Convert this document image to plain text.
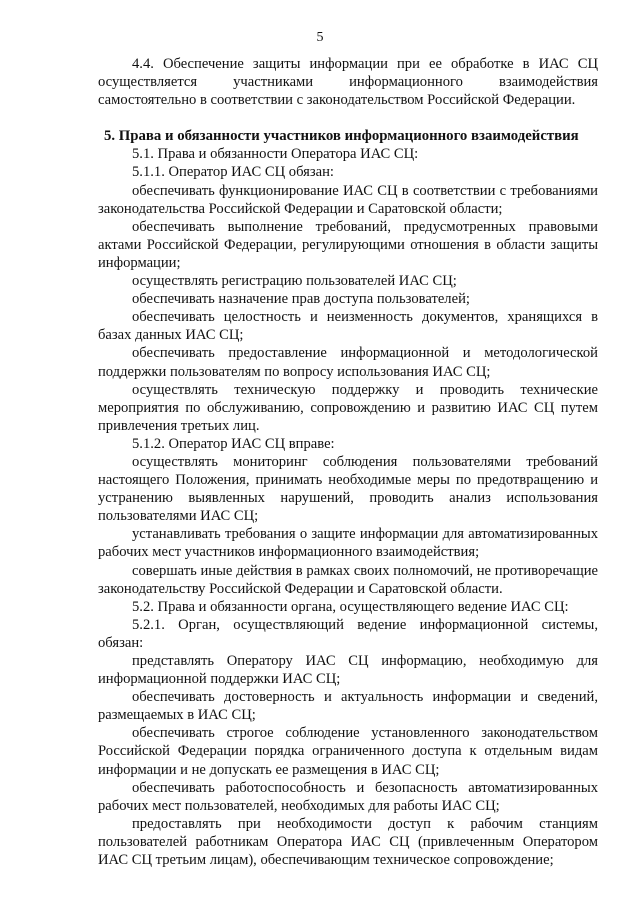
5

4.4. Обеспечение защиты информации при ее обработке в ИАС СЦ осуществляется участниками информационного взаимодействия самостоятельно в соответствии с законодательством Российской Федерации.

5. Права и обязанности участников информационного взаимодействия

5.1. Права и обязанности Оператора ИАС СЦ:

5.1.1. Оператор ИАС СЦ обязан:

обеспечивать функционирование ИАС СЦ в соответствии с требованиями законодательства Российской Федерации и Саратовской области;

обеспечивать выполнение требований, предусмотренных правовыми актами Российской Федерации, регулирующими отношения в области защиты информации;

осуществлять регистрацию пользователей ИАС СЦ;

обеспечивать назначение прав доступа пользователей;

обеспечивать целостность и неизменность документов, хранящихся в базах данных ИАС СЦ;

обеспечивать предоставление информационной и методологической поддержки пользователям по вопросу использования ИАС СЦ;

осуществлять техническую поддержку и проводить технические мероприятия по обслуживанию, сопровождению и развитию ИАС СЦ путем привлечения третьих лиц.

5.1.2. Оператор ИАС СЦ вправе:

осуществлять мониторинг соблюдения пользователями требований настоящего Положения, принимать необходимые меры по предотвращению и устранению выявленных нарушений, проводить анализ использования пользователями ИАС СЦ;

устанавливать требования о защите информации для автоматизированных рабочих мест участников информационного взаимодействия;

совершать иные действия в рамках своих полномочий, не противоречащие законодательству Российской Федерации и Саратовской области.

5.2. Права и обязанности органа, осуществляющего ведение ИАС СЦ:

5.2.1. Орган, осуществляющий ведение информационной системы, обязан:

представлять Оператору ИАС СЦ информацию, необходимую для информационной поддержки ИАС СЦ;

обеспечивать достоверность и актуальность информации и сведений, размещаемых в ИАС СЦ;

обеспечивать строгое соблюдение установленного законодательством Российской Федерации порядка ограниченного доступа к отдельным видам информации и не допускать ее размещения в ИАС СЦ;

обеспечивать работоспособность и безопасность автоматизированных рабочих мест пользователей, необходимых для работы ИАС СЦ;

предоставлять при необходимости доступ к рабочим станциям пользователей работникам Оператора ИАС СЦ (привлеченным Оператором ИАС СЦ третьим лицам), обеспечивающим техническое сопровождение;
